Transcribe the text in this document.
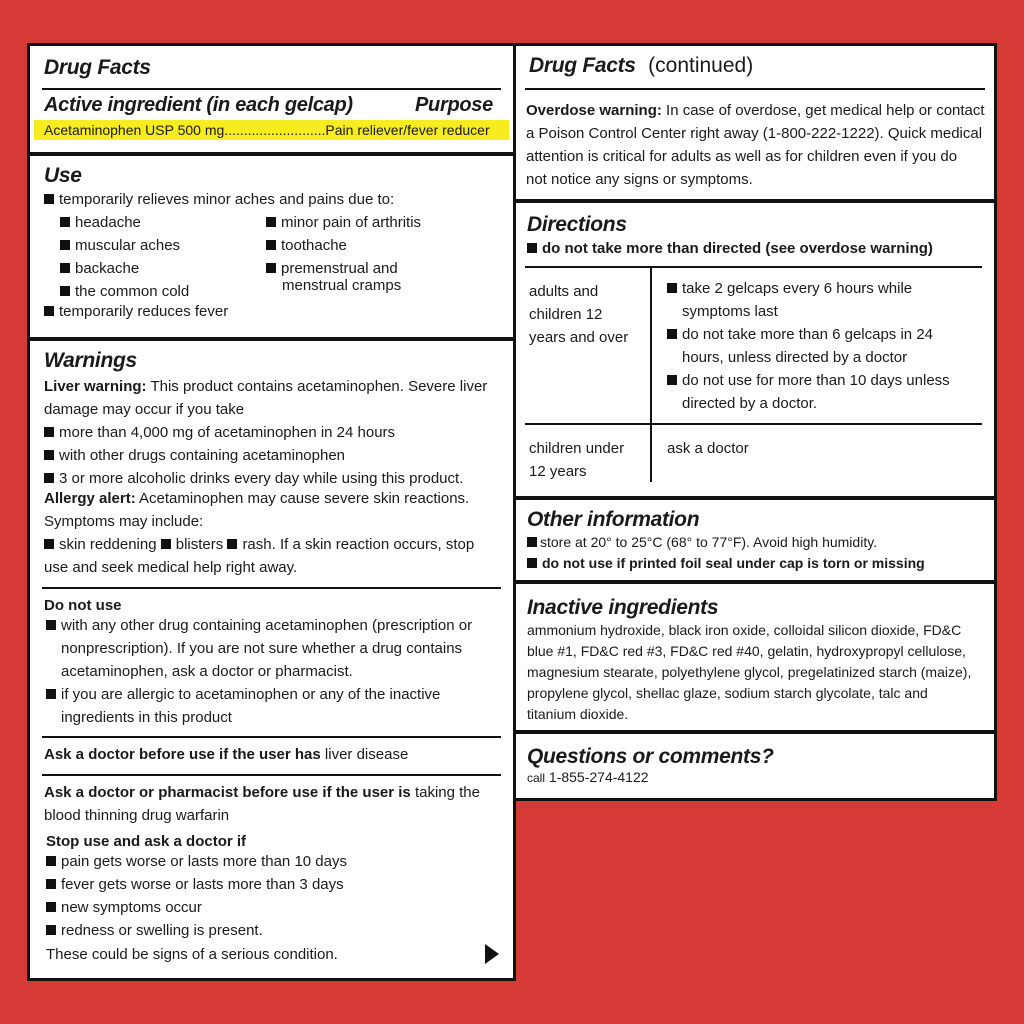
Drug Facts
Active ingredient (in each gelcap)	Purpose
Acetaminophen USP 500 mg..........................Pain reliever/fever reducer
Use
temporarily relieves minor aches and pains due to:
headache
muscular aches
backache
the common cold
minor pain of arthritis
toothache
premenstrual and
menstrual cramps
temporarily reduces fever
Warnings
Liver warning: This product contains acetaminophen. Severe liver
damage may occur if you take
more than 4,000 mg of acetaminophen in 24 hours
with other drugs containing acetaminophen
3 or more alcoholic drinks every day while using this product.
Allergy alert: Acetaminophen may cause severe skin reactions.
Symptoms may include:
skin reddening blisters rash. If a skin reaction occurs, stop
use and seek medical help right away.
Do not use
with any other drug containing acetaminophen (prescription or
nonprescription). If you are not sure whether a drug contains
acetaminophen, ask a doctor or pharmacist.
if you are allergic to acetaminophen or any of the inactive
ingredients in this product
Ask a doctor before use if the user has liver disease
Ask a doctor or pharmacist before use if the user is taking the
blood thinning drug warfarin
Stop use and ask a doctor if
pain gets worse or lasts more than 10 days
fever gets worse or lasts more than 3 days
new symptoms occur
redness or swelling is present.
These could be signs of a serious condition.
Drug Facts (continued)
Overdose warning: In case of overdose, get medical help or contact
a Poison Control Center right away (1-800-222-1222). Quick medical
attention is critical for adults as well as for children even if you do
not notice any signs or symptoms.
Directions
do not take more than directed (see overdose warning)
adults and
children 12
years and over
take 2 gelcaps every 6 hours while
symptoms last
do not take more than 6 gelcaps in 24
hours, unless directed by a doctor
do not use for more than 10 days unless
directed by a doctor.
children under
12 years
ask a doctor
Other information
store at 20° to 25°C (68° to 77°F). Avoid high humidity.
do not use if printed foil seal under cap is torn or missing
Inactive ingredients
ammonium hydroxide, black iron oxide, colloidal silicon dioxide, FD&C
blue #1, FD&C red #3, FD&C red #40, gelatin, hydroxypropyl cellulose,
magnesium stearate, polyethylene glycol, pregelatinized starch (maize),
propylene glycol, shellac glaze, sodium starch glycolate, talc and
titanium dioxide.
Questions or comments?
call 1-855-274-4122
